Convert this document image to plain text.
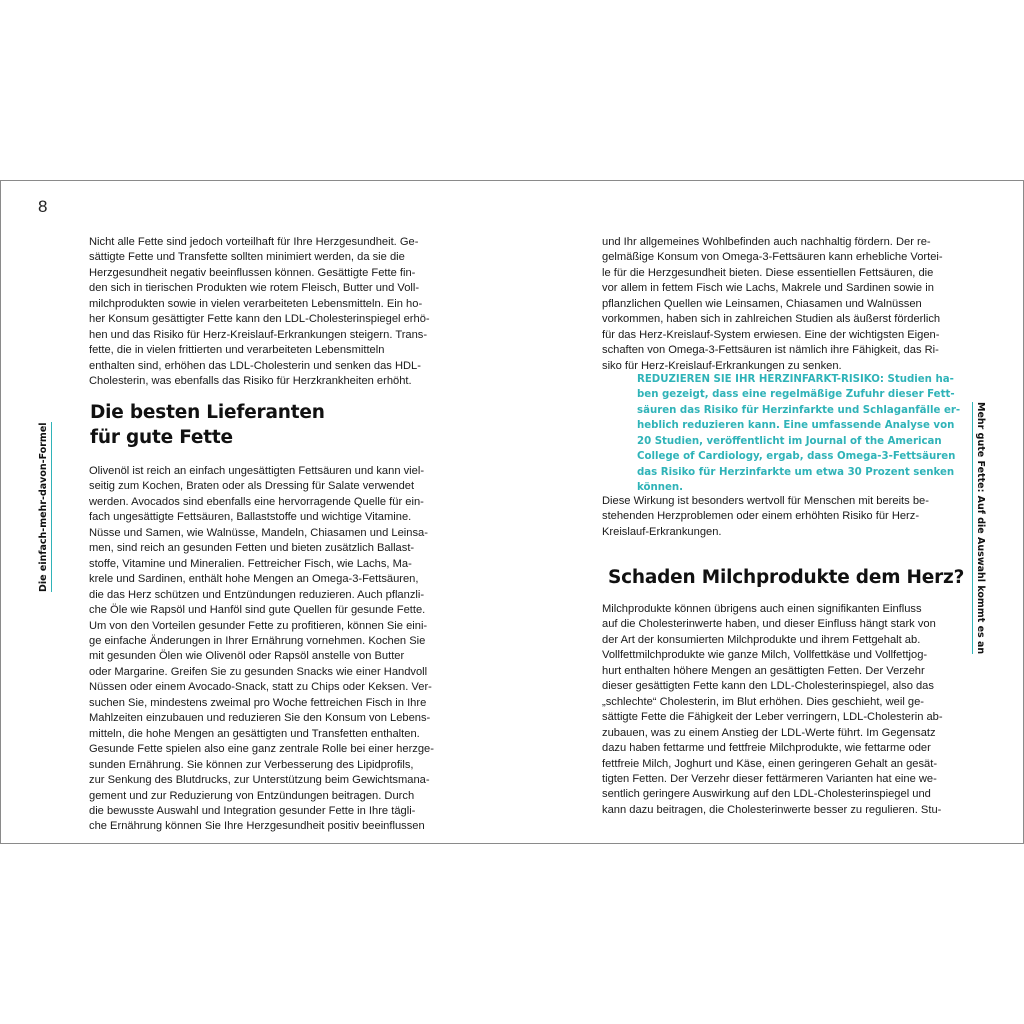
8
Die einfach-mehr-davon-Formel	Mehr gute Fette: Auf die Auswahl kommt es an
Nicht alle Fette sind jedoch vorteilhaft für Ihre Herzgesundheit. Ge-
sättigte Fette und Transfette sollten minimiert werden, da sie die
Herzgesundheit negativ beeinflussen können. Gesättigte Fette fin-
den sich in tierischen Produkten wie rotem Fleisch, Butter und Voll-
milchprodukten sowie in vielen verarbeiteten Lebensmitteln. Ein ho-
her Konsum gesättigter Fette kann den LDL-Cholesterinspiegel erhö-
hen und das Risiko für Herz-Kreislauf-Erkrankungen steigern. Trans-
fette, die in vielen frittierten und verarbeiteten Lebensmitteln
enthalten sind, erhöhen das LDL-Cholesterin und senken das HDL-
Cholesterin, was ebenfalls das Risiko für Herzkrankheiten erhöht.
Die besten Lieferanten
für gute Fette
Olivenöl ist reich an einfach ungesättigten Fettsäuren und kann viel-
seitig zum Kochen, Braten oder als Dressing für Salate verwendet
werden. Avocados sind ebenfalls eine hervorragende Quelle für ein-
fach ungesättigte Fettsäuren, Ballaststoffe und wichtige Vitamine.
Nüsse und Samen, wie Walnüsse, Mandeln, Chiasamen und Leinsa-
men, sind reich an gesunden Fetten und bieten zusätzlich Ballast-
stoffe, Vitamine und Mineralien. Fettreicher Fisch, wie Lachs, Ma-
krele und Sardinen, enthält hohe Mengen an Omega-3-Fettsäuren,
die das Herz schützen und Entzündungen reduzieren. Auch pflanzli-
che Öle wie Rapsöl und Hanföl sind gute Quellen für gesunde Fette.
Um von den Vorteilen gesunder Fette zu profitieren, können Sie eini-
ge einfache Änderungen in Ihrer Ernährung vornehmen. Kochen Sie
mit gesunden Ölen wie Olivenöl oder Rapsöl anstelle von Butter
oder Margarine. Greifen Sie zu gesunden Snacks wie einer Handvoll
Nüssen oder einem Avocado-Snack, statt zu Chips oder Keksen. Ver-
suchen Sie, mindestens zweimal pro Woche fettreichen Fisch in Ihre
Mahlzeiten einzubauen und reduzieren Sie den Konsum von Lebens-
mitteln, die hohe Mengen an gesättigten und Transfetten enthalten.
Gesunde Fette spielen also eine ganz zentrale Rolle bei einer herzge-
sunden Ernährung. Sie können zur Verbesserung des Lipidprofils,
zur Senkung des Blutdrucks, zur Unterstützung beim Gewichtsmana-
gement und zur Reduzierung von Entzündungen beitragen. Durch
die bewusste Auswahl und Integration gesunder Fette in Ihre tägli-
che Ernährung können Sie Ihre Herzgesundheit positiv beeinflussen
und Ihr allgemeines Wohlbefinden auch nachhaltig fördern. Der re-
gelmäßige Konsum von Omega-3-Fettsäuren kann erhebliche Vortei-
le für die Herzgesundheit bieten. Diese essentiellen Fettsäuren, die
vor allem in fettem Fisch wie Lachs, Makrele und Sardinen sowie in
pflanzlichen Quellen wie Leinsamen, Chiasamen und Walnüssen
vorkommen, haben sich in zahlreichen Studien als äußerst förderlich
für das Herz-Kreislauf-System erwiesen. Eine der wichtigsten Eigen-
schaften von Omega-3-Fettsäuren ist nämlich ihre Fähigkeit, das Ri-
siko für Herz-Kreislauf-Erkrankungen zu senken.
REDUZIEREN SIE IHR HERZINFARKT-RISIKO: Studien ha-
ben gezeigt, dass eine regelmäßige Zufuhr dieser Fett-
säuren das Risiko für Herzinfarkte und Schlaganfälle er-
heblich reduzieren kann. Eine umfassende Analyse von
20 Studien, veröffentlicht im Journal of the American
College of Cardiology, ergab, dass Omega-3-Fettsäuren
das Risiko für Herzinfarkte um etwa 30 Prozent senken
können.
Diese Wirkung ist besonders wertvoll für Menschen mit bereits be-
stehenden Herzproblemen oder einem erhöhten Risiko für Herz-
Kreislauf-Erkrankungen.
Schaden Milchprodukte dem Herz?
Milchprodukte können übrigens auch einen signifikanten Einfluss
auf die Cholesterinwerte haben, und dieser Einfluss hängt stark von
der Art der konsumierten Milchprodukte und ihrem Fettgehalt ab.
Vollfettmilchprodukte wie ganze Milch, Vollfettkäse und Vollfettjog-
hurt enthalten höhere Mengen an gesättigten Fetten. Der Verzehr
dieser gesättigten Fette kann den LDL-Cholesterinspiegel, also das
„schlechte“ Cholesterin, im Blut erhöhen. Dies geschieht, weil ge-
sättigte Fette die Fähigkeit der Leber verringern, LDL-Cholesterin ab-
zubauen, was zu einem Anstieg der LDL-Werte führt. Im Gegensatz
dazu haben fettarme und fettfreie Milchprodukte, wie fettarme oder
fettfreie Milch, Joghurt und Käse, einen geringeren Gehalt an gesät-
tigten Fetten. Der Verzehr dieser fettärmeren Varianten hat eine we-
sentlich geringere Auswirkung auf den LDL-Cholesterinspiegel und
kann dazu beitragen, die Cholesterinwerte besser zu regulieren. Stu-
